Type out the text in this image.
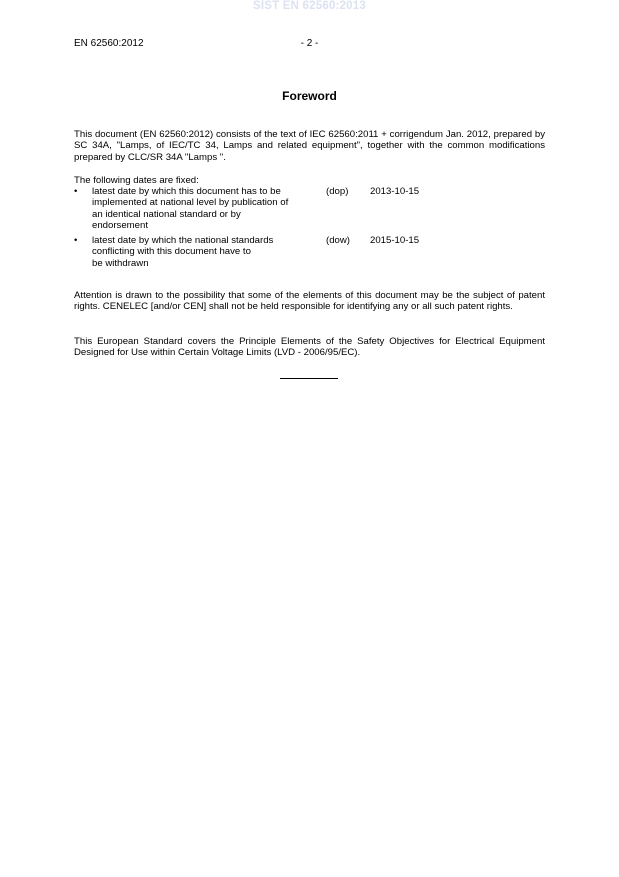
SIST EN 62560:2013
EN 62560:2012	- 2 -
Foreword
This document (EN 62560:2012) consists of the text of IEC 62560:2011 + corrigendum Jan. 2012, prepared by SC 34A, "Lamps, of IEC/TC 34, Lamps and related equipment", together with the common modifications prepared by CLC/SR 34A "Lamps ".
The following dates are fixed:
• latest date by which this document has to be
implemented at national level by publication of
an identical national standard or by
endorsement
(dop) 2013-10-15
• latest date by which the national standards
conflicting with this document have to
be withdrawn
(dow) 2015-10-15
Attention is drawn to the possibility that some of the elements of this document may be the subject of patent rights. CENELEC [and/or CEN] shall not be held responsible for identifying any or all such patent rights.
This European Standard covers the Principle Elements of the Safety Objectives for Electrical Equipment Designed for Use within Certain Voltage Limits (LVD - 2006/95/EC).
